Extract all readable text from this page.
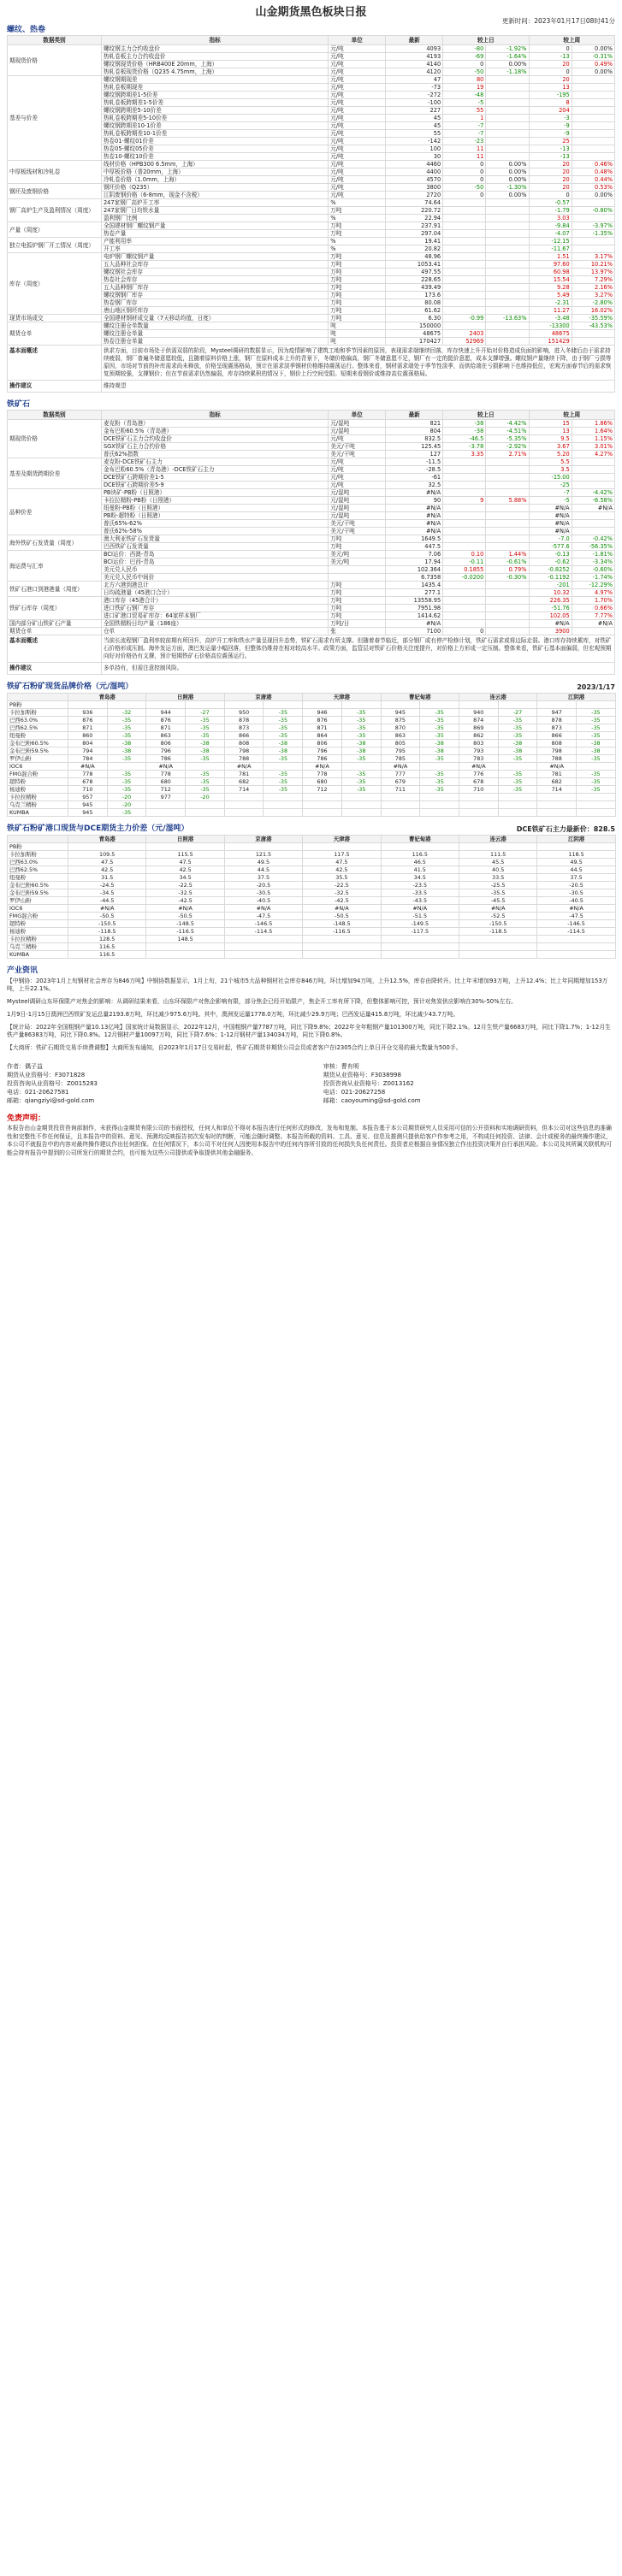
山金期货黑色板块日报
更新时间：2023年01月17日08时41分
螺纹、热卷
数据类别	指标	单位	最新	较上日		较上周	
期现货价格	螺纹钢主力合约收盘价	元/吨	4093	-80	-1.92%	0	0.00%
	热轧卷板主力合约收盘价	元/吨	4193	-69	-1.64%	-13	-0.31%
	螺纹钢现货价格（HRB400E 20mm，上海）	元/吨	4140	0	0.00%	20	0.49%
	热轧卷板现货价格（Q235 4.75mm，上海）	元/吨	4120	-50	-1.18%	0	0.00%
基差与价差	螺纹钢期现差	元/吨	47	80		20	
	热轧卷板期现差	元/吨	-73	19		13	
	螺纹钢跨期差1-5价差	元/吨	-272	-48		-195	
	热轧卷板跨期差1-5价差	元/吨	-100	-5		8	
	螺纹钢跨期差5-10价差	元/吨	227	55		204	
	热轧卷板跨期差5-10价差	元/吨	45	1		-3	
	螺纹钢跨期差10-1价差	元/吨	45	-7		-9	
	热轧卷板跨期差10-1价差	元/吨	55	-7		-9	
	热卷01-螺纹01价差	元/吨	-142	-23		25	
	热卷05-螺纹05价差	元/吨	100	11		-13	
	热卷10-螺纹10价差	元/吨	30	11		-13	
中厚板线材和冷轧卷	线材价格（HPB300 6.5mm，上海）	元/吨	4460	0	0.00%	20	0.46%
	中厚板价格（普20mm，上海）	元/吨	4400	0	0.00%	20	0.48%
	冷轧卷价格（1.0mm，上海）	元/吨	4570	0	0.00%	20	0.44%
钢坯及废钢价格	钢坯价格（Q235）	元/吨	3800	-50	-1.30%	20	0.53%
	江阴废钢价格（6-8mm，现金不含税）	元/吨	2720	0	0.00%	0	0.00%
钢厂高炉生产及盈利情况（周度）	247家钢厂高炉开工率	%	74.64			-0.57	
	247家钢厂日均铁水量	万吨	220.72			-1.79	-0.80%
	盈利钢厂比例	%	22.94			3.03	
产量（周度）	全国建材钢厂螺纹钢产量	万吨	237.91			-9.84	-3.97%
	热卷产量	万吨	297.04			-4.07	-1.35%
独立电弧炉钢厂开工情况（周度）	产能利用率	%	19.41			-12.15	
	开工率	%	20.82			-11.67	
库存（周度）	电炉钢厂螺纹钢产量	万吨	48.96			1.51	3.17%
	五大品种社会库存	万吨	1053.41			97.60	10.21%
	螺纹钢社会库存	万吨	497.55			60.98	13.97%
	热卷社会库存	万吨	228.65			15.54	7.29%
	五大品种钢厂库存	万吨	439.49			9.28	2.16%
	螺纹钢钢厂库存	万吨	173.6			5.49	3.27%
	热卷钢厂库存	万吨	80.08			-2.31	-2.80%
	唐山地区钢坯库存	万吨	61.62			11.27	16.02%
现货市场成交	全国建材钢材成交量（7天移动均值，日度）	万吨	6.30	-0.99	-13.63%	-3.48	-35.59%
期货仓单	螺纹注册仓单数量	吨	150000			-13300	-43.53%
	螺纹注册仓单量	吨	48675	2403		48675	
	热卷注册仓单量	吨	170427	52969		151429	
基本面概述	供求方面，目前市场处于供需双弱的阶段，Mysteel调研的数据显示，因为疫情影响了建筑工地和季节因素的原因，表现需求端继续回落，库存快速上升开始对价格造成负面的影响，进入冬储后由于需求持续疲弱，钢厂普遍冬储意愿较低，且随着原料价格上涨，钢厂在原料成本上升的背景下，冬储价格偏高，钢厂冬储意愿不足，钢厂有一定的挺价意愿，成本支撑增强。螺纹钢产量继续下降，由于钢厂亏损等原因，市场对节前的补库需求尚未释放，价格呈现震荡格局，预计在需求淡季钢材价格维持震荡运行。整体来看，钢材需求端处于季节性淡季，而供给端在亏损影响下也维持低位，宏观方面春节后的需求恢复预期较强，支撑钢价；但在节前需求仍然偏弱，库存持续累积的情况下，钢价上行空间受限。短期来看钢价或维持高位震荡格局。						
操作建议	维持观望						
铁矿石
数据类别	指标	单位	最新	较上日		较上周	
期现货价格	麦克粉（青岛港）	元/湿吨	821	-38	-4.42%	15	1.86%
	金布巴粉60.5%（青岛港）	元/湿吨	804	-38	-4.51%	13	1.64%
	DCE铁矿石主力合约收盘价	元/吨	832.5	-46.5	-5.35%	9.5	1.15%
	SGX铁矿石主力合约价格	美元/干吨	125.45	-3.78	-2.92%	3.67	3.01%
	普氏62%指数	美元/干吨	127	3.35	2.71%	5.20	4.27%
基差及期货跨期价差	麦克粉-DCE铁矿石主力	元/吨	-11.5			5.5	
	金布巴粉60.5%（青岛港）-DCE铁矿石主力	元/吨	-28.5			3.5	
	DCE铁矿石跨期价差1-5	元/吨	-61			-15.00	
	DCE铁矿石跨期价差5-9	元/吨	32.5			-25	
品种价差	PB块矿-PB粉（日照港）	元/湿吨	#N/A			-7	-4.42%
	卡拉拉精粉-PB粉（日照港）	元/湿吨	90	9	5.88%	-5	-6.58%
	纽曼粉-PB粉（日照港）	元/湿吨	#N/A			#N/A	#N/A
	PB粉-超特粉（日照港）	元/湿吨	#N/A			#N/A	
	普氏65%-62%	美元/干吨	#N/A			#N/A	
	普氏62%-58%	美元/干吨	#N/A			#N/A	
海外铁矿石发货量（周度）	澳大利亚铁矿石发货量	万吨	1649.5			-7.0	-0.42%
	巴西铁矿石发货量	万吨	447.5			-577.6	-56.35%
海运费与汇率	BCI运价：西澳-青岛	美元/吨	7.06	0.10	1.44%	-0.13	-1.81%
	BCI运价：巴西-青岛	美元/吨	17.94	-0.11	-0.61%	-0.62	-3.34%
	美元兑人民币		102.364	0.1855	0.79%	-0.8252	-0.60%
	美元兑人民币中间价		6.7358	-0.0200	-0.30%	-0.1192	-1.74%
铁矿石港口到港港量（周度）	北方六港到港总计	万吨	1435.4			-201	-12.29%
	日均疏港量（45港口合计）	万吨	277.1			10.32	4.97%
铁矿石库存（周度）	港口库存（45港合计）	万吨	13558.95			226.35	1.70%
	进口铁矿石钢厂库存	万吨	7951.98			-51.76	0.66%
	进口矿港口贸易矿库存：64家样本钢厂	万吨	1414.62			102.05	7.77%
国内部分矿山铁矿石产量	全国铁精粉日均产量（186座）	万吨/日	#N/A			#N/A	#N/A
期货仓单	仓单	张	7100	0		3900	
基本面概述	当前长流程钢厂盈利率较前期有所回升，高炉开工率和铁水产量呈现回升态势，铁矿石需求有所支撑。但随着春节临近，部分钢厂或有停产检修计划，铁矿石需求或将边际走弱。港口库存持续累库，对铁矿石价格形成压制。海外发运方面，澳巴发运量小幅回落，但整体仍维持在相对较高水平。政策方面，监管层对铁矿石价格关注度提升，对价格上方形成一定压制。整体来看，铁矿石基本面偏弱，但宏观预期向好对价格仍有支撑，预计短期铁矿石价格高位震荡运行。						
操作建议	多单持有，但需注意控制风险。						
铁矿石粉矿现货品牌价格（元/湿吨）	2023/1/17
	青岛港		日照港		京唐港		天津港		曹妃甸港		连云港		江阴港	
PB粉														
卡拉加斯粉	936	-32	944	-27	950	-35	946	-35	945	-35	940	-27	947	-35
巴西63.0%	876	-35	876	-35	878	-35	876	-35	875	-35	874	-35	878	-35
巴西62.5%	871	-35	871	-35	873	-35	871	-35	870	-35	869	-35	873	-35
纽曼粉	860	-35	863	-35	866	-35	864	-35	863	-35	862	-35	866	-35
金布巴粉60.5%	804	-38	806	-38	808	-38	806	-38	805	-38	803	-38	808	-38
金布巴粉59.5%	794	-38	796	-38	798	-38	796	-38	795	-38	793	-38	798	-38
罗伊山粉	784	-35	786	-35	788	-35	786	-35	785	-35	783	-35	788	-35
IOC6	#N/A		#N/A		#N/A		#N/A		#N/A		#N/A		#N/A	
FMG混合粉	778	-35	778	-35	781	-35	778	-35	777	-35	776	-35	781	-35
超特粉	678	-35	680	-35	682	-35	680	-35	679	-35	678	-35	682	-35
杨迪粉	710	-35	712	-35	714	-35	712	-35	711	-35	710	-35	714	-35
卡拉拉精粉	957	-20	977	-20										
乌克兰精粉	945	-20												
KUMBA	945	-35												
铁矿石粉矿港口现货与DCE期货主力价差（元/湿吨）	DCE铁矿石主力最新价：828.5
	青岛港	日照港	京唐港	天津港	曹妃甸港	连云港	江阴港
PB粉							
卡拉加斯粉	109.5	115.5	121.5	117.5	116.5	111.5	118.5
巴西63.0%	47.5	47.5	49.5	47.5	46.5	45.5	49.5
巴西62.5%	42.5	42.5	44.5	42.5	41.5	40.5	44.5
纽曼粉	31.5	34.5	37.5	35.5	34.5	33.5	37.5
金布巴粉60.5%	-24.5	-22.5	-20.5	-22.5	-23.5	-25.5	-20.5
金布巴粉59.5%	-34.5	-32.5	-30.5	-32.5	-33.5	-35.5	-30.5
罗伊山粉	-44.5	-42.5	-40.5	-42.5	-43.5	-45.5	-40.5
IOC6	#N/A	#N/A	#N/A	#N/A	#N/A	#N/A	#N/A
FMG混合粉	-50.5	-50.5	-47.5	-50.5	-51.5	-52.5	-47.5
超特粉	-150.5	-148.5	-146.5	-148.5	-149.5	-150.5	-146.5
杨迪粉	-118.5	-116.5	-114.5	-116.5	-117.5	-118.5	-114.5
卡拉拉精粉	128.5	148.5					
乌克兰精粉	116.5						
KUMBA	116.5						
产业资讯

【中钢协：2023年1月上旬钢材社会库存为846万吨】中钢协数据显示，1月上旬，21个城市5大品种钢材社会库存846万吨，环比增加94万吨，上升12.5%，库存由降转升。比上年末增加93万吨，上升12.4%；比上年同期增加153万吨，上升22.1%。

Mysteel调研山东环保限产对焦企的影响：从调研结果来看，山东环保限产对焦企影响有限，部分焦企已经开始限产，焦企开工率有所下降，但整体影响可控，预计对焦炭供应影响在30%-50%左右。

1月9日-1月15日澳洲巴西铁矿发运总量2193.8万吨，环比减少975.6万吨。其中，澳洲发运量1778.0万吨，环比减少29.9万吨；巴西发运量415.8万吨，环比减少43.7万吨。

【统计局：2022年全国粗钢产量10.13亿吨】国家统计局数据显示，2022年12月，中国粗钢产量7787万吨，同比下降9.8%；2022年全年粗钢产量101300万吨，同比下降2.1%。12月生铁产量6683万吨，同比下降1.7%；1-12月生铁产量86383万吨，同比下降0.8%。12月钢材产量10097万吨，同比下降7.6%；1-12月钢材产量134034万吨，同比下降0.8%。

【大商所：铁矿石期货交易手续费调整】大商所发布通知，自2023年1月17日交易时起，铁矿石期货非期货公司会员或者客户在i2305合约上单日开仓交易的最大数量为500手。

作者：偶子益
期货从业资格号：F3071828
投资咨询从业资格号：Z0015283
电话：021-20627581
邮箱：qiangziyi@sd-gold.com
审核：曹有明
期货从业资格号：F3038998
投资咨询从业资格号：Z0013162
电话：021-20627258
邮箱：caoyouming@sd-gold.com
免责声明：
本报告由山金期货投资咨询部制作，未获得山金期货有限公司的书面授权，任何人和单位不得对本报告进行任何形式的修改、发布和复制。本报告基于本公司期货研究人员采用可信的公开资料和实地调研资料，但本公司对这些信息的准确性和完整性不作任何保证，且本报告中的资料、意见、预测均反映报告初次发布时的判断，可能会随时调整。本报告所载的资料、工具、意见、信息及推测只提供给客户作参考之用，不构成任何投资、法律、会计或税务的最终操作建议，本公司不就报告中的内容对最终操作建议作出任何担保。在任何情况下，本公司不对任何人因使用本报告中的任何内容所引致的任何损失负任何责任。投资者应根据自身情况独立作出投资决策并自行承担风险。本公司及其所属关联机构可能会持有报告中提到的公司所发行的期货合约，也可能为这些公司提供或争取提供其他金融服务。
